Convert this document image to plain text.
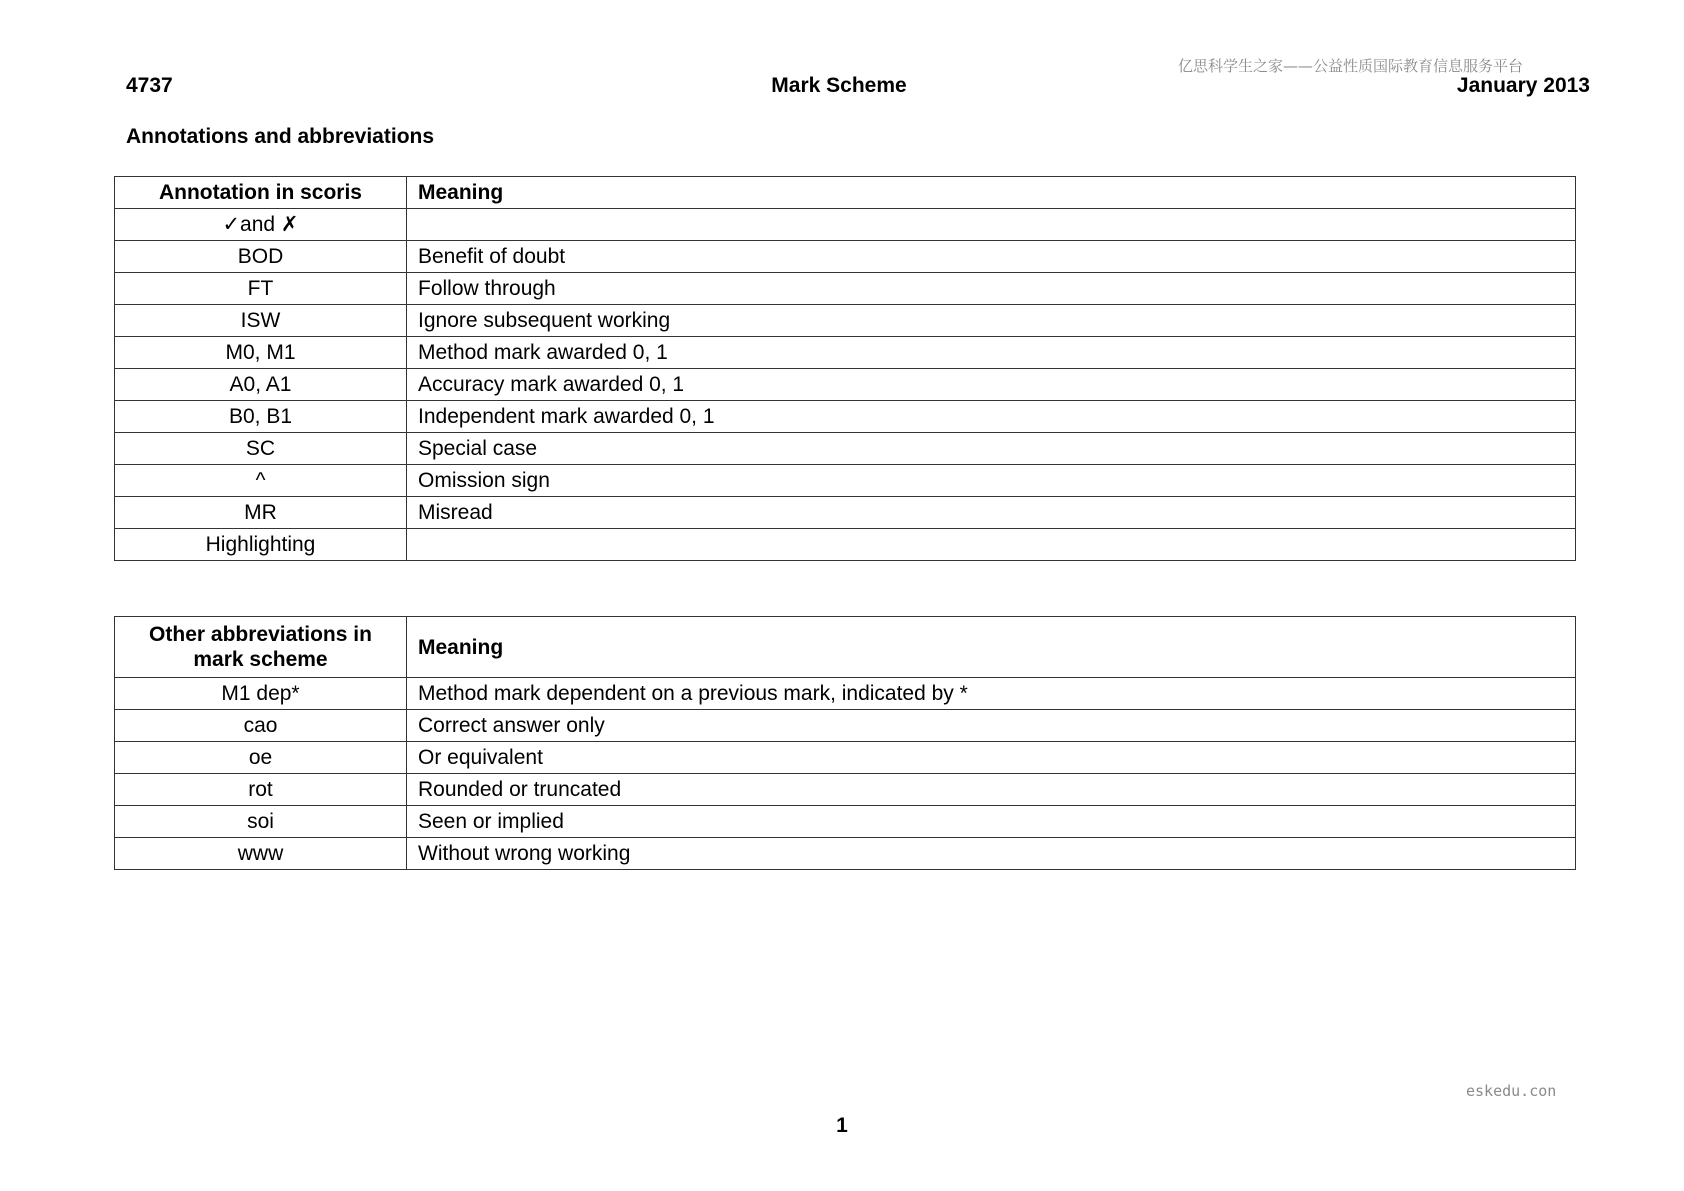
亿思科学生之家——公益性质国际教育信息服务平台
4737	Mark Scheme	January 2013
Annotations and abbreviations
Annotation in scoris	Meaning
✓and ✗	
BOD	Benefit of doubt
FT	Follow through
ISW	Ignore subsequent working
M0, M1	Method mark awarded 0, 1
A0, A1	Accuracy mark awarded 0, 1
B0, B1	Independent mark awarded 0, 1
SC	Special case
^	Omission sign
MR	Misread
Highlighting	
Other abbreviations in mark scheme	Meaning
M1 dep*	Method mark dependent on a previous mark, indicated by *
cao	Correct answer only
oe	Or equivalent
rot	Rounded or truncated
soi	Seen or implied
www	Without wrong working
eskedu.con
1
